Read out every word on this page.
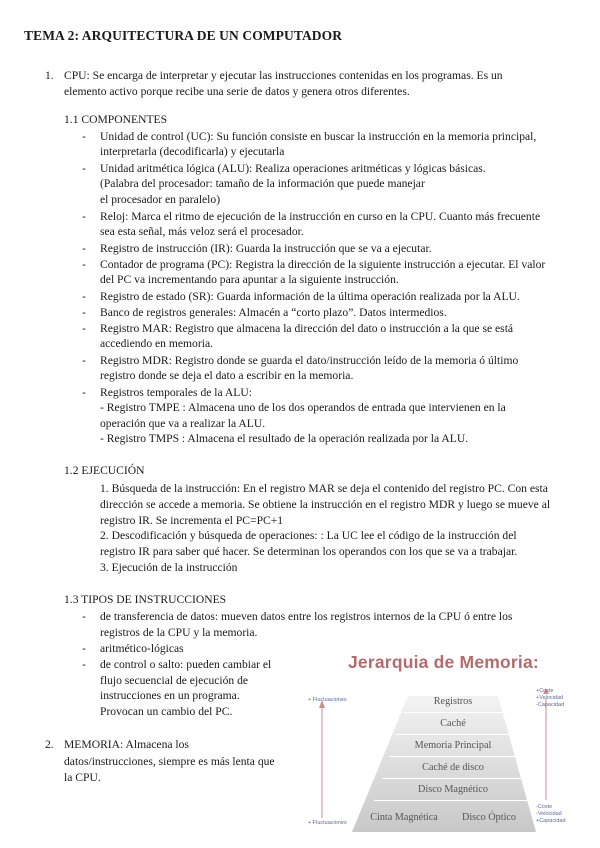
TEMA 2: ARQUITECTURA DE UN COMPUTADOR
1. CPU: Se encarga de interpretar y ejecutar las instrucciones contenidas en los programas. Es un
elemento activo porque recibe una serie de datos y genera otros diferentes.
1.1 COMPONENTES
- Unidad de control (UC): Su función consiste en buscar la instrucción en la memoria principal,
interpretarla (decodificarla) y ejecutarla
- Unidad aritmética lógica (ALU): Realiza operaciones aritméticas y lógicas básicas.
(Palabra del procesador: tamaño de la información que puede manejar
el procesador en paralelo)
- Reloj: Marca el ritmo de ejecución de la instrucción en curso en la CPU. Cuanto más frecuente
sea esta señal, más veloz será el procesador.
- Registro de instrucción (IR): Guarda la instrucción que se va a ejecutar.
- Contador de programa (PC): Registra la dirección de la siguiente instrucción a ejecutar. El valor
del PC va incrementando para apuntar a la siguiente instrucción.
- Registro de estado (SR): Guarda información de la última operación realizada por la ALU.
- Banco de registros generales: Almacén a “corto plazo”. Datos intermedios.
- Registro MAR: Registro que almacena la dirección del dato o instrucción a la que se está
accediendo en memoria.
- Registro MDR: Registro donde se guarda el dato/instrucción leído de la memoria ó último
registro donde se deja el dato a escribir en la memoria.
- Registros temporales de la ALU:
- Registro TMPE : Almacena uno de los dos operandos de entrada que intervienen en la
operación que va a realizar la ALU.
- Registro TMPS : Almacena el resultado de la operación realizada por la ALU.
1.2 EJECUCIÓN
1. Búsqueda de la instrucción: En el registro MAR se deja el contenido del registro PC. Con esta
dirección se accede a memoria. Se obtiene la instrucción en el registro MDR y luego se mueve al
registro IR. Se incrementa el PC=PC+1
2. Descodificación y búsqueda de operaciones: : La UC lee el código de la instrucción del
registro IR para saber qué hacer. Se determinan los operandos con los que se va a trabajar.
3. Ejecución de la instrucción
1.3 TIPOS DE INSTRUCCIONES
- de transferencia de datos: mueven datos entre los registros internos de la CPU ó entre los
registros de la CPU y la memoria.
- aritmético-lógicas
- de control o salto: pueden cambiar el
flujo secuencial de ejecución de
instrucciones en un programa.
Provocan un cambio del PC.
2. MEMORIA: Almacena los
datos/instrucciones, siempre es más lenta que
la CPU.
Jerarquia de Memoria:
Registros
Caché
Memoria Principal
Caché de disco
Disco Magnético
Cinta Magnética	Disco Óptico
+ Fluctuaciones
+ Fluctuaciones
+Coste
+Velocidad
-Capacidad
-Coste
-Velocidad
+Capacidad
